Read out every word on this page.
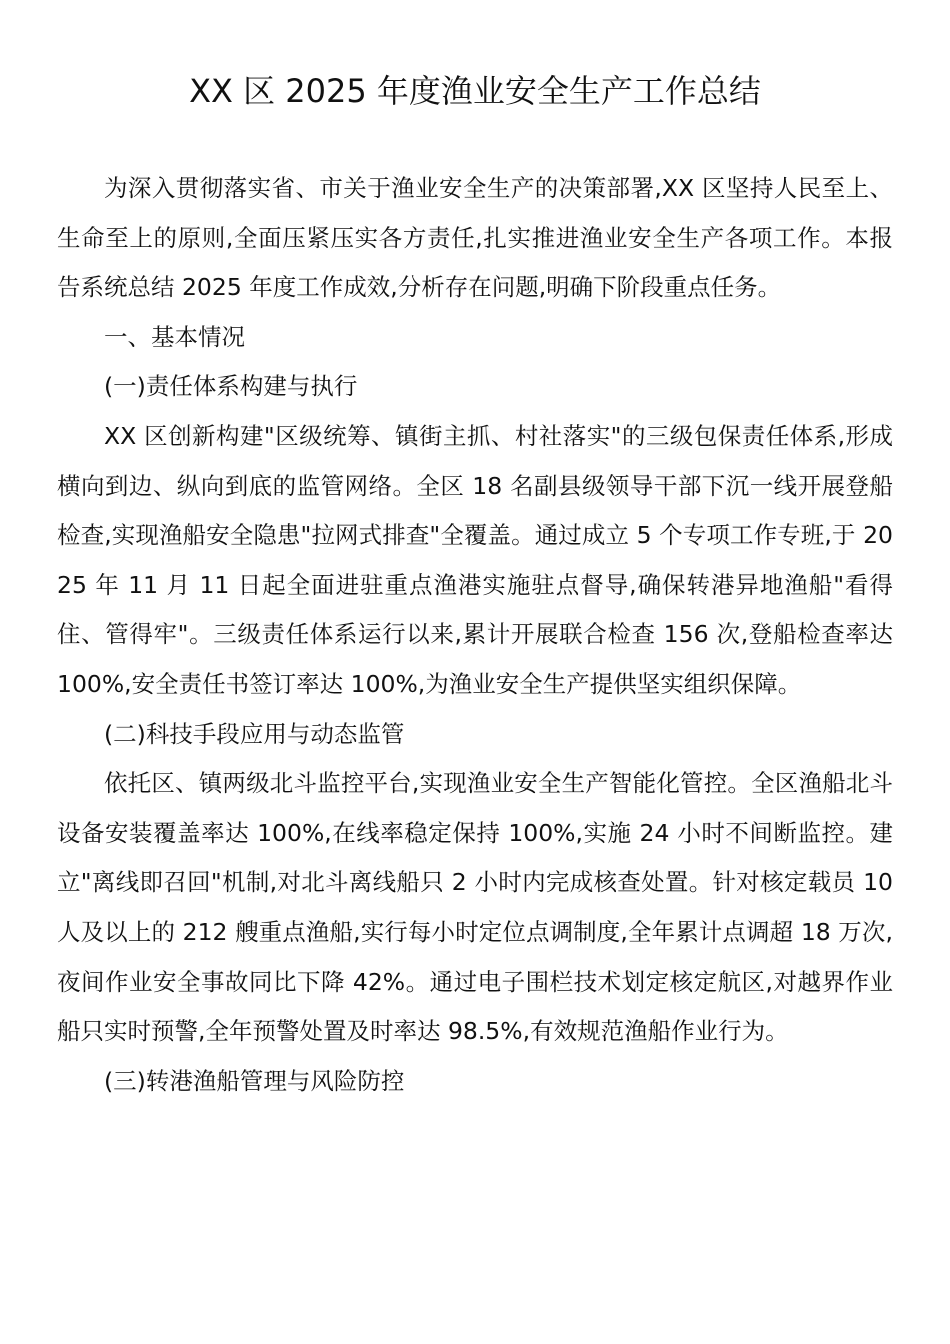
XX 区 2025 年度渔业安全生产工作总结

为深入贯彻落实省、市关于渔业安全生产的决策部署,XX 区坚持人民至上、生命至上的原则,全面压紧压实各方责任,扎实推进渔业安全生产各项工作。本报告系统总结 2025 年度工作成效,分析存在问题,明确下阶段重点任务。

一、基本情况
(一)责任体系构建与执行

XX 区创新构建"区级统筹、镇街主抓、村社落实"的三级包保责任体系,形成横向到边、纵向到底的监管网络。全区 18 名副县级领导干部下沉一线开展登船检查,实现渔船安全隐患"拉网式排查"全覆盖。通过成立 5 个专项工作专班,于 2025 年 11 月 11 日起全面进驻重点渔港实施驻点督导,确保转港异地渔船"看得住、管得牢"。三级责任体系运行以来,累计开展联合检查 156 次,登船检查率达 100%,安全责任书签订率达 100%,为渔业安全生产提供坚实组织保障。

(二)科技手段应用与动态监管

依托区、镇两级北斗监控平台,实现渔业安全生产智能化管控。全区渔船北斗设备安装覆盖率达 100%,在线率稳定保持 100%,实施 24 小时不间断监控。建立"离线即召回"机制,对北斗离线船只 2 小时内完成核查处置。针对核定载员 10 人及以上的 212 艘重点渔船,实行每小时定位点调制度,全年累计点调超 18 万次,夜间作业安全事故同比下降 42%。通过电子围栏技术划定核定航区,对越界作业船只实时预警,全年预警处置及时率达 98.5%,有效规范渔船作业行为。

(三)转港渔船管理与风险防控
